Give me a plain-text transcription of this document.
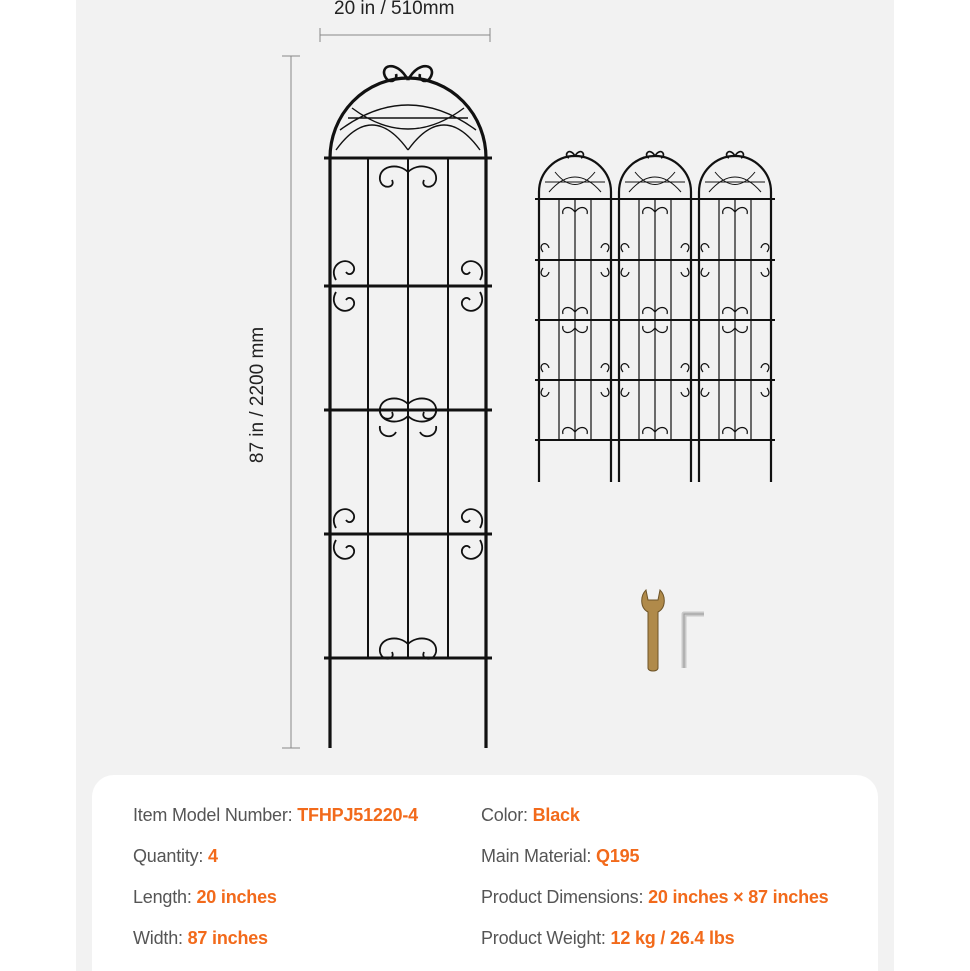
20 in / 510mm
87 in / 2200 mm
Item Model Number: TFHPJ51220-4
Quantity: 4
Length: 20 inches
Width: 87 inches
Color: Black
Main Material: Q195
Product Dimensions: 20 inches × 87 inches
Product Weight: 12 kg / 26.4 lbs
